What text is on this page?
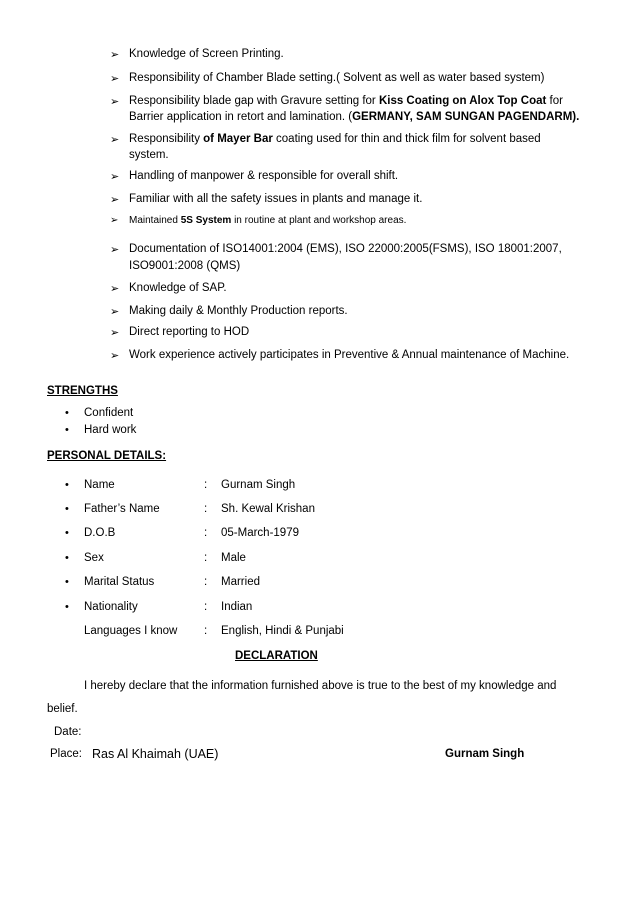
➢ Knowledge of Screen Printing.
➢ Responsibility of Chamber Blade setting.( Solvent as well as water based system)
➢ Responsibility blade gap with Gravure setting for Kiss Coating on Alox Top Coat for
Barrier application in retort and lamination. (GERMANY, SAM SUNGAN PAGENDARM).
➢ Responsibility of Mayer Bar coating used for thin and thick film for solvent based
system.
➢ Handling of manpower & responsible for overall shift.
➢ Familiar with all the safety issues in plants and manage it.
➢ Maintained 5S System in routine at plant and workshop areas.
➢ Documentation of ISO14001:2004 (EMS), ISO 22000:2005(FSMS), ISO 18001:2007,
ISO9001:2008 (QMS)
➢ Knowledge of SAP.
➢ Making daily & Monthly Production reports.
➢ Direct reporting to HOD
➢ Work experience actively participates in Preventive & Annual maintenance of Machine.
STRENGTHS
• Confident
• Hard work
PERSONAL DETAILS:
• Name	: Gurnam Singh
• Father’s Name	: Sh. Kewal Krishan
• D.O.B	: 05-March-1979
• Sex	: Male
• Marital Status	: Married
• Nationality	: Indian
Languages I know : English, Hindi & Punjabi
DECLARATION
I hereby declare that the information furnished above is true to the best of my knowledge and
belief.
Date:
Place: Ras Al Khaimah (UAE)	Gurnam Singh
